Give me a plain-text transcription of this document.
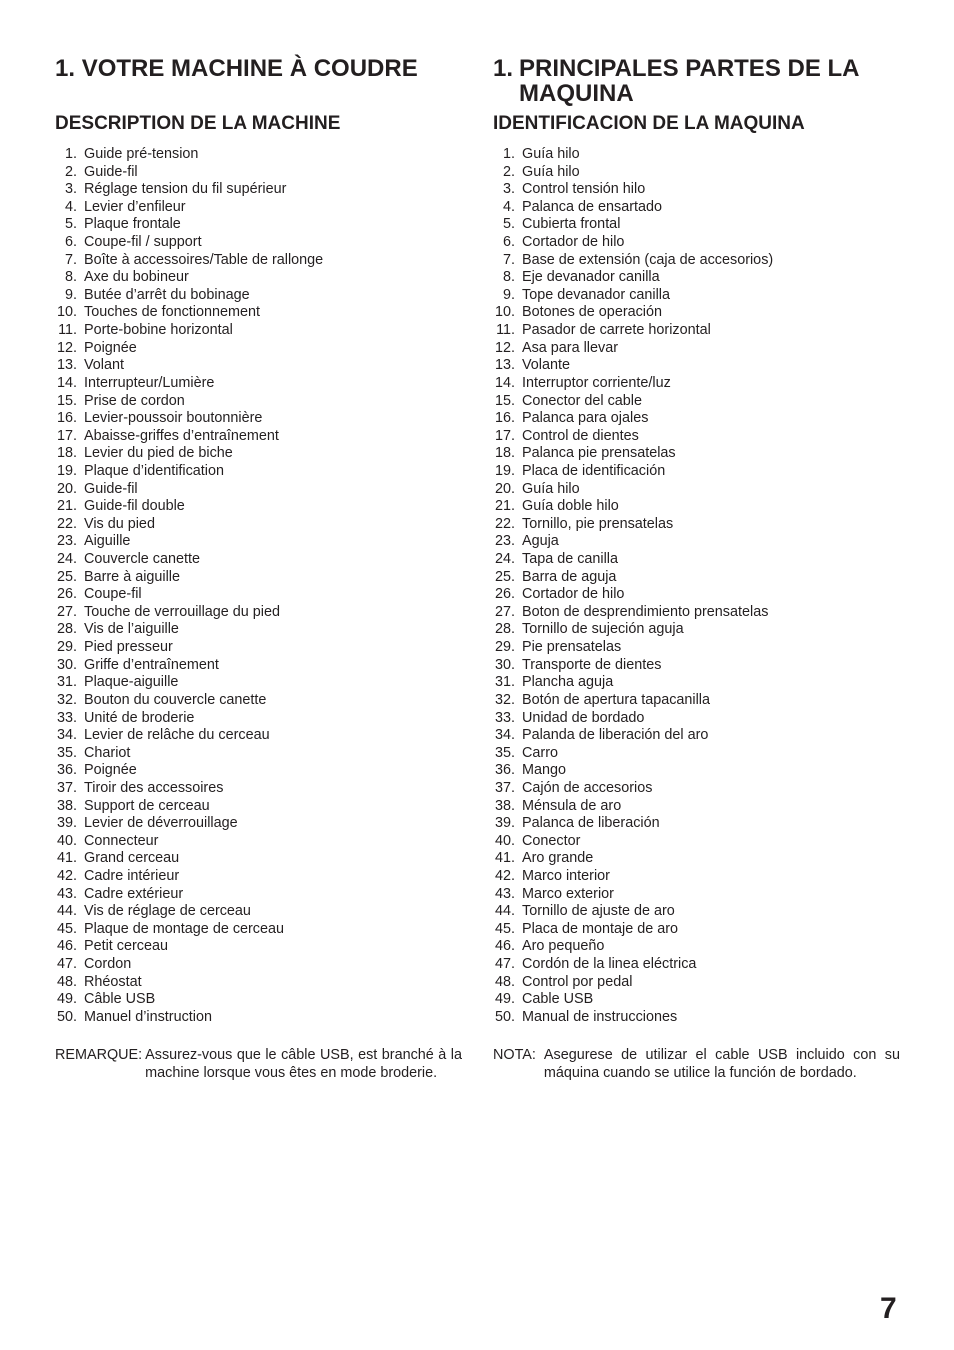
1. VOTRE MACHINE À COUDRE
DESCRIPTION DE LA MACHINE
1. Guide pré-tension
2. Guide-fil
3. Réglage tension du fil supérieur
4. Levier d’enfileur
5. Plaque frontale
6. Coupe-fil / support
7. Boîte à accessoires/Table de rallonge
8. Axe du bobineur
9. Butée d’arrêt du bobinage
10. Touches de fonctionnement
11. Porte-bobine horizontal
12. Poignée
13. Volant
14. Interrupteur/Lumière
15. Prise de cordon
16. Levier-poussoir boutonnière
17. Abaisse-griffes d’entraînement
18. Levier du pied de biche
19. Plaque d’identification
20. Guide-fil
21. Guide-fil double
22. Vis du pied
23. Aiguille
24. Couvercle canette
25. Barre à aiguille
26. Coupe-fil
27. Touche de verrouillage du pied
28. Vis de l’aiguille
29. Pied presseur
30. Griffe d’entraînement
31. Plaque-aiguille
32. Bouton du couvercle canette
33. Unité de broderie
34. Levier de relâche du cerceau
35. Chariot
36. Poignée
37. Tiroir des accessoires
38. Support de cerceau
39. Levier de déverrouillage
40. Connecteur
41. Grand cerceau
42. Cadre intérieur
43. Cadre extérieur
44. Vis de réglage de cerceau
45. Plaque de montage de cerceau
46. Petit cerceau
47. Cordon
48. Rhéostat
49. Câble USB
50. Manuel d’instruction
REMARQUE: Assurez-vous que le câble USB, est branché à la machine lorsque vous êtes en mode broderie.
1. PRINCIPALES PARTES DE LA MAQUINA
IDENTIFICACION DE LA MAQUINA
1. Guía hilo
2. Guía hilo
3. Control tensión hilo
4. Palanca de ensartado
5. Cubierta frontal
6. Cortador de hilo
7. Base de extensión (caja de accesorios)
8. Eje devanador canilla
9. Tope devanador canilla
10. Botones de operación
11. Pasador de carrete horizontal
12. Asa para llevar
13. Volante
14. Interruptor corriente/luz
15. Conector del cable
16. Palanca para ojales
17. Control de dientes
18. Palanca pie prensatelas
19. Placa de identificación
20. Guía hilo
21. Guía doble hilo
22. Tornillo, pie prensatelas
23. Aguja
24. Tapa de canilla
25. Barra de aguja
26. Cortador de hilo
27. Boton de desprendimiento prensatelas
28. Tornillo de sujeción aguja
29. Pie prensatelas
30. Transporte de dientes
31. Plancha aguja
32. Botón de apertura tapacanilla
33. Unidad de bordado
34. Palanda de liberación del aro
35. Carro
36. Mango
37. Cajón de accesorios
38. Ménsula de aro
39. Palanca de liberación
40. Conector
41. Aro grande
42. Marco interior
43. Marco exterior
44. Tornillo de ajuste de aro
45. Placa de montaje de aro
46. Aro pequeño
47. Cordón de la linea eléctrica
48. Control por pedal
49. Cable USB
50. Manual de instrucciones
NOTA: Asegurese de utilizar el cable USB incluido con su máquina cuando se utilice la función de bordado.
7
